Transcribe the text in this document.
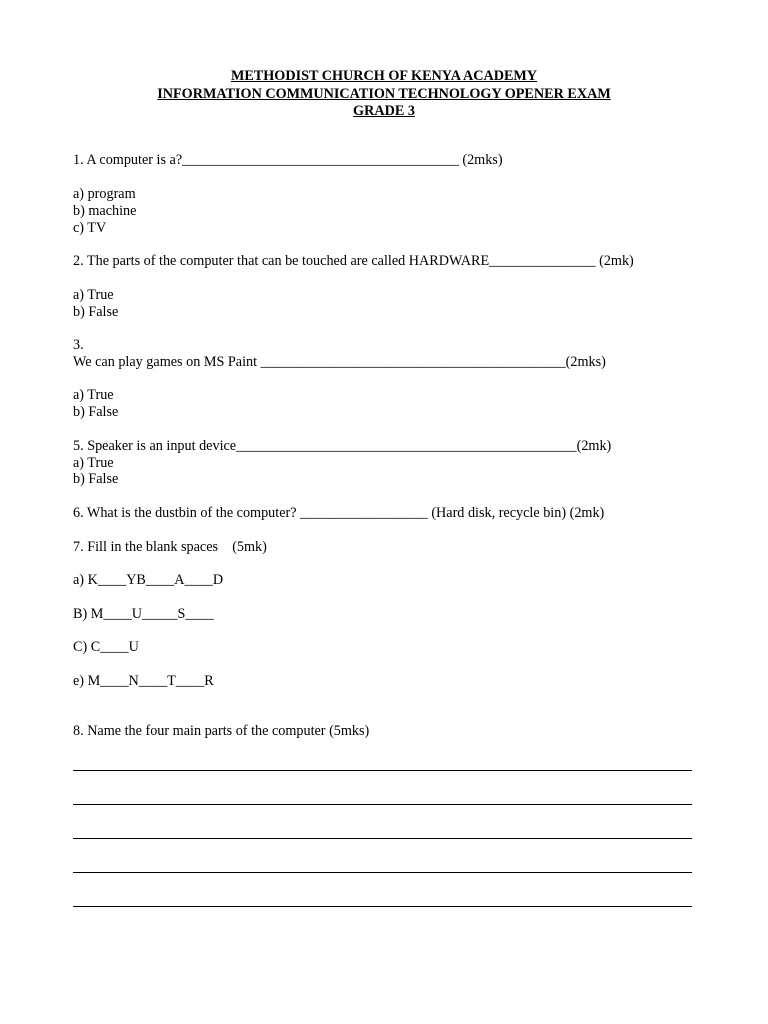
METHODIST CHURCH OF KENYA ACADEMY
INFORMATION COMMUNICATION TECHNOLOGY OPENER EXAM
GRADE 3
1. A computer is a?_______________________________________ (2mks)
a) program
b) machine
c) TV
2. The parts of the computer that can be touched are called HARDWARE_______________ (2mk)
a) True
b) False
3.
We can play games on MS Paint ___________________________________________(2mks)
a) True
b) False
5. Speaker is an input device________________________________________________(2mk)
a) True
b) False
6. What is the dustbin of the computer? __________________ (Hard disk, recycle bin) (2mk)
7. Fill in the blank spaces    (5mk)
a) K____YB____A____D
B) M____U_____S____
C) C____U
e) M____N____T____R
8. Name the four main parts of the computer (5mks)
